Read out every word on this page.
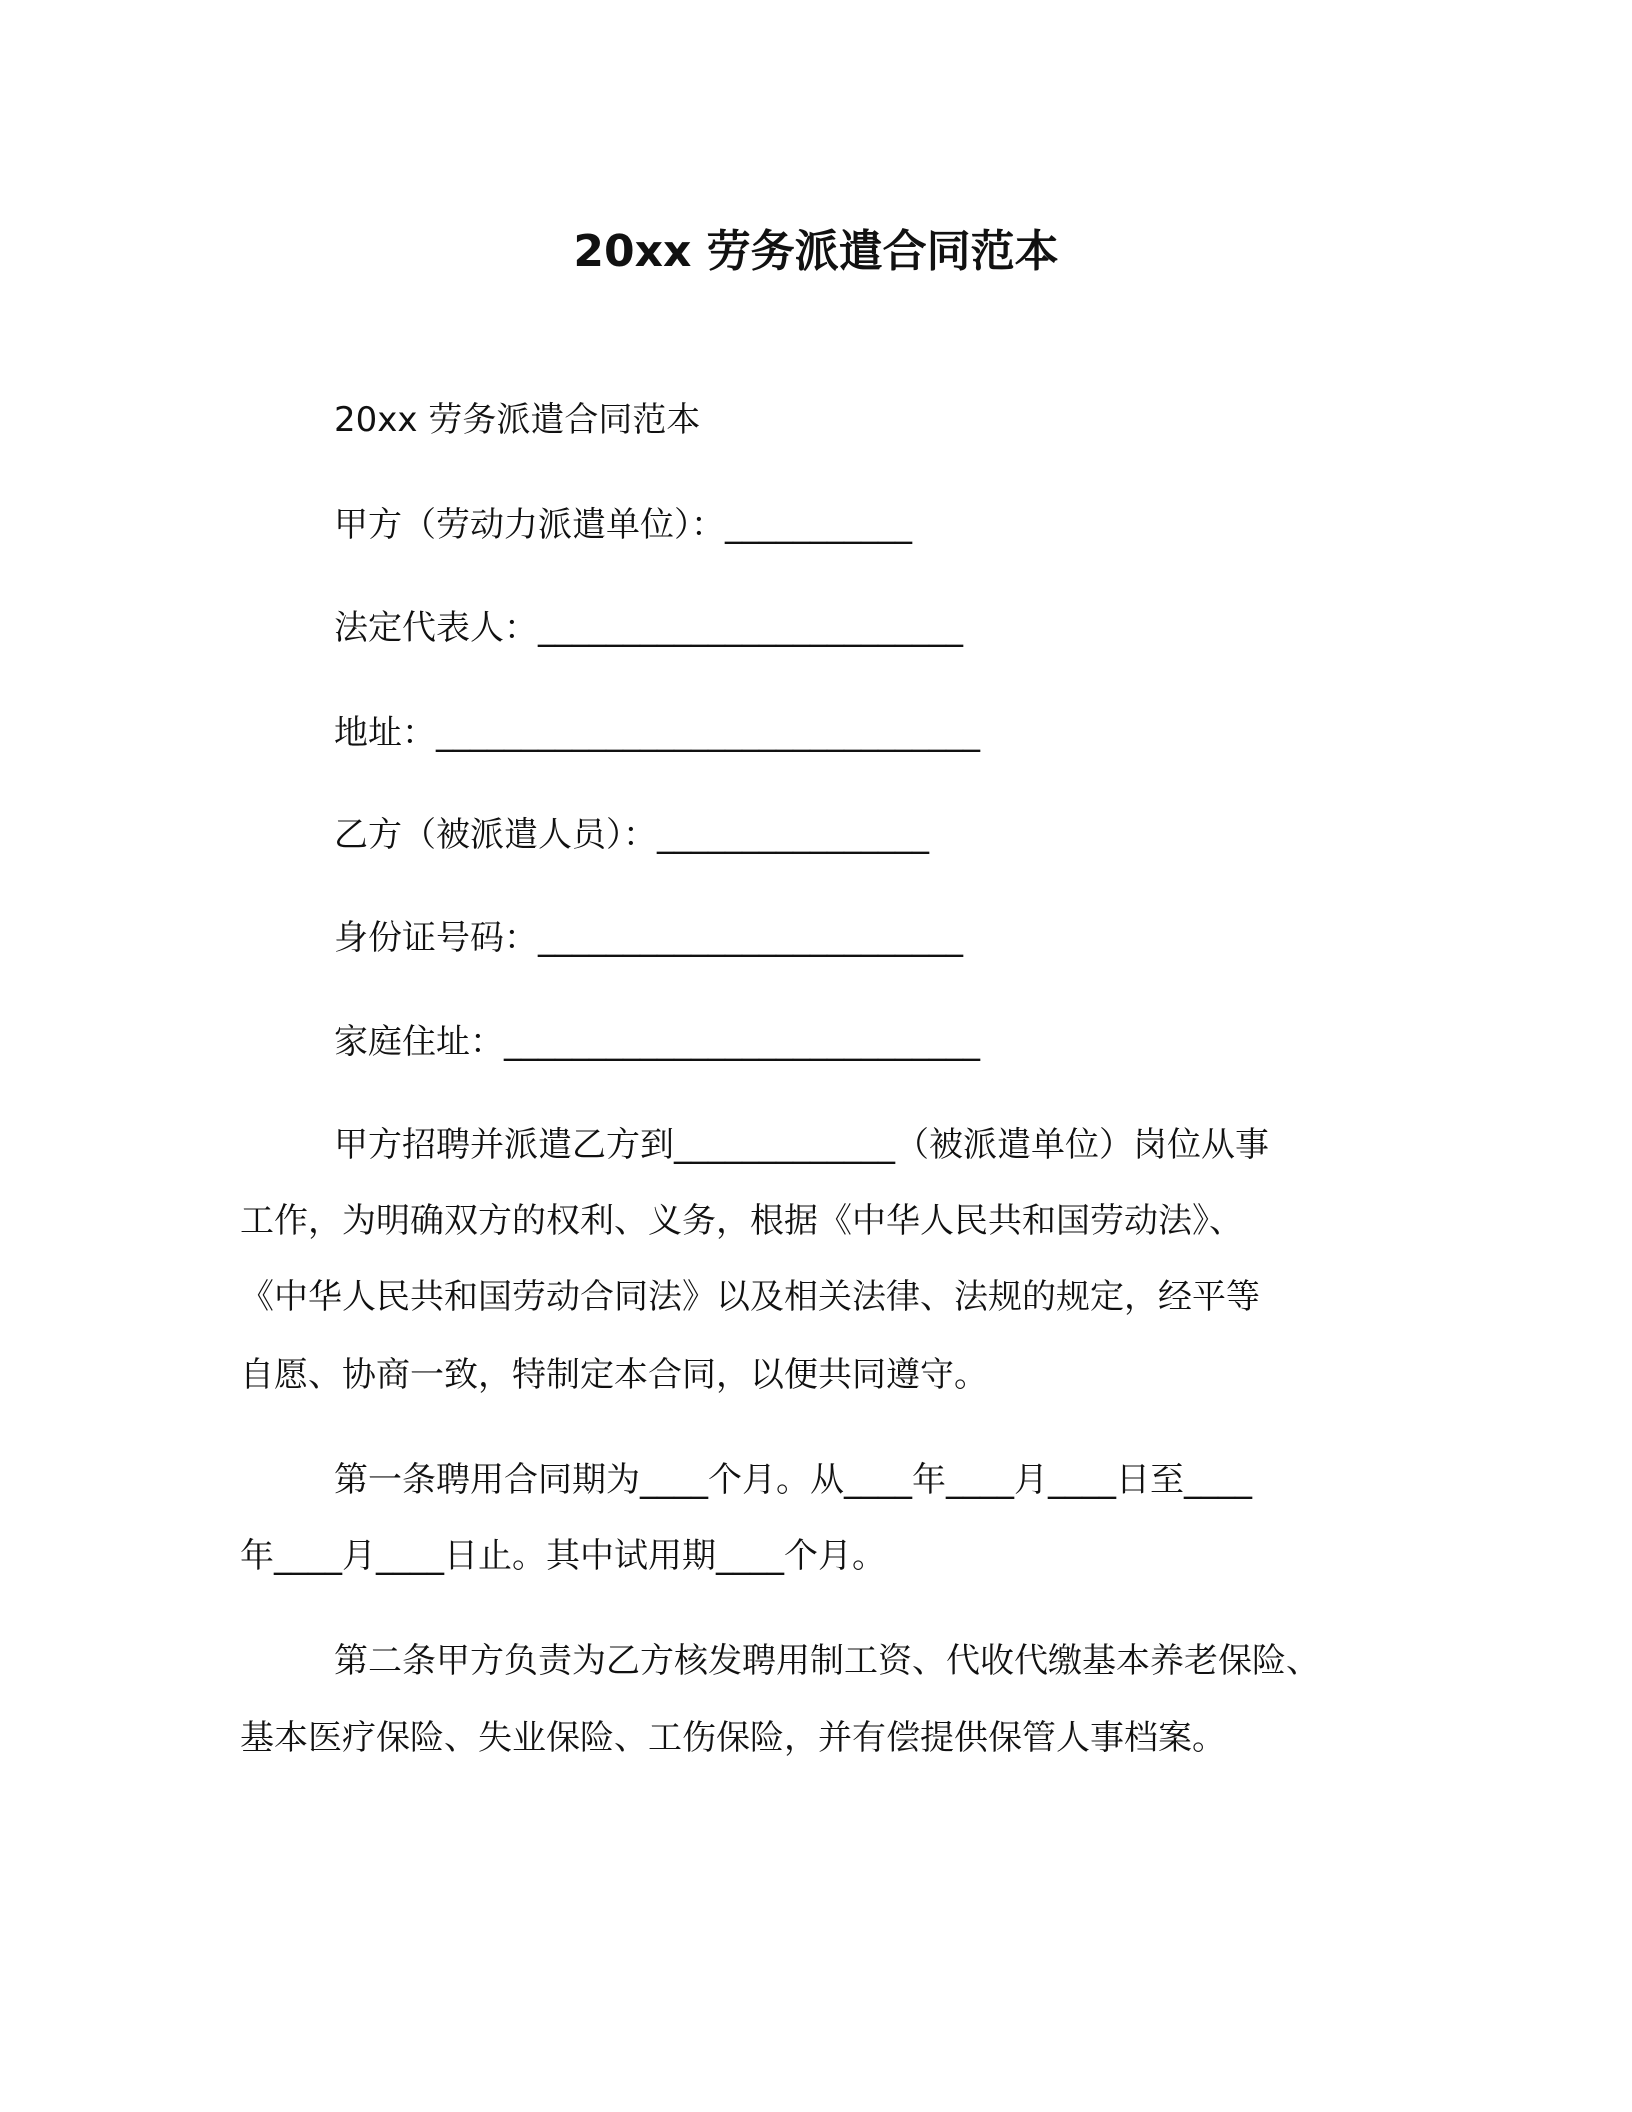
20xx 劳务派遣合同范本
20xx 劳务派遣合同范本
甲方（劳动力派遣单位）：___________
法定代表人：_________________________
地址：________________________________
乙方（被派遣人员）：________________
身份证号码：_________________________
家庭住址：____________________________
甲方招聘并派遣乙方到_____________（被派遣单位）岗位从事
工作，为明确双方的权利、义务，根据《中华人民共和国劳动法》、
《中华人民共和国劳动合同法》以及相关法律、法规的规定，经平等
自愿、协商一致，特制定本合同，以便共同遵守。
第一条聘用合同期为____个月。从____年____月____日至____
年____月____日止。其中试用期____个月。
第二条甲方负责为乙方核发聘用制工资、代收代缴基本养老保险、
基本医疗保险、失业保险、工伤保险，并有偿提供保管人事档案。
